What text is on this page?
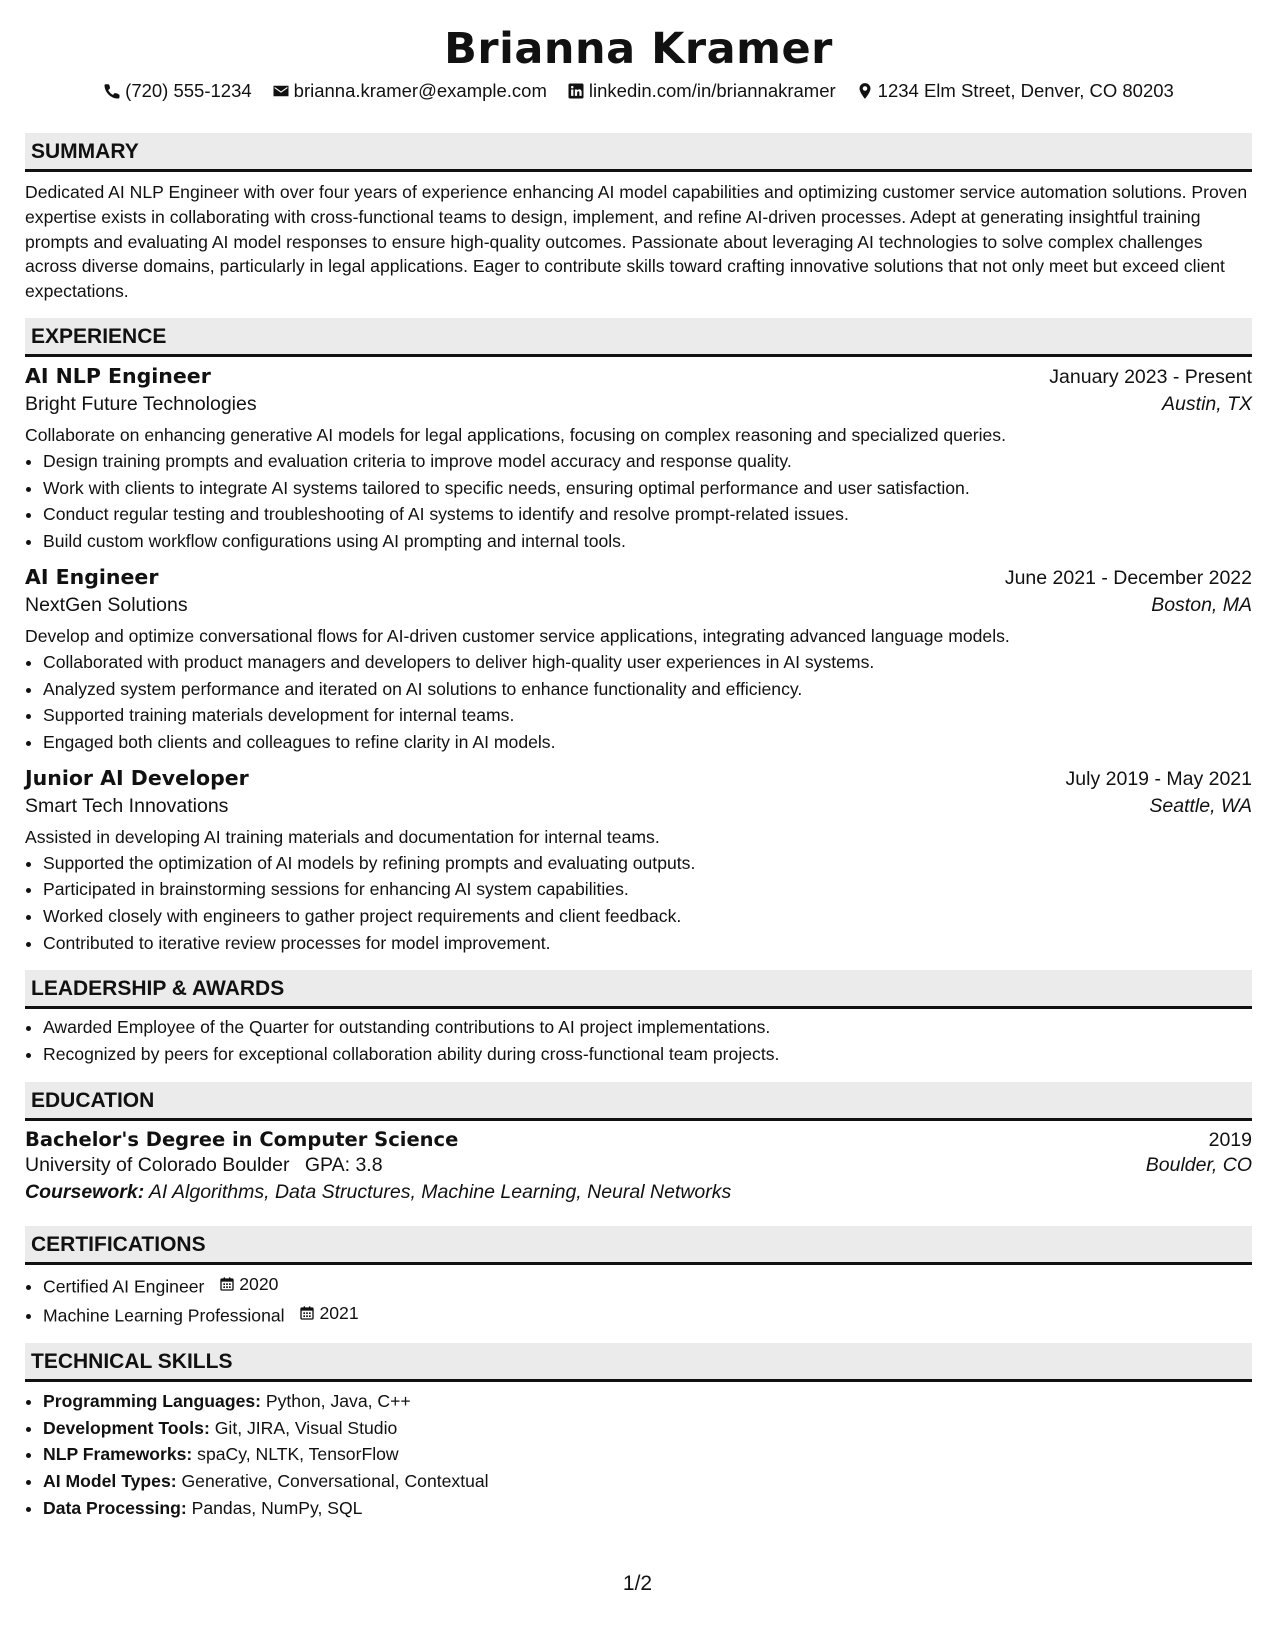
Brianna Kramer
(720) 555-1234 brianna.kramer@example.com linkedin.com/in/briannakramer 1234 Elm Street, Denver, CO 80203
SUMMARY

Dedicated AI NLP Engineer with over four years of experience enhancing AI model capabilities and optimizing customer service automation solutions. Proven expertise exists in collaborating with cross-functional teams to design, implement, and refine AI-driven processes. Adept at generating insightful training prompts and evaluating AI model responses to ensure high-quality outcomes. Passionate about leveraging AI technologies to solve complex challenges across diverse domains, particularly in legal applications. Eager to contribute skills toward crafting innovative solutions that not only meet but exceed client expectations.

EXPERIENCE
AI NLP Engineer	January 2023 - Present
Bright Future Technologies	Austin, TX
Collaborate on enhancing generative AI models for legal applications, focusing on complex reasoning and specialized queries.
• Design training prompts and evaluation criteria to improve model accuracy and response quality.
• Work with clients to integrate AI systems tailored to specific needs, ensuring optimal performance and user satisfaction.
• Conduct regular testing and troubleshooting of AI systems to identify and resolve prompt-related issues.
• Build custom workflow configurations using AI prompting and internal tools.
AI Engineer	June 2021 - December 2022
NextGen Solutions	Boston, MA
Develop and optimize conversational flows for AI-driven customer service applications, integrating advanced language models.
• Collaborated with product managers and developers to deliver high-quality user experiences in AI systems.
• Analyzed system performance and iterated on AI solutions to enhance functionality and efficiency.
• Supported training materials development for internal teams.
• Engaged both clients and colleagues to refine clarity in AI models.
Junior AI Developer	July 2019 - May 2021
Smart Tech Innovations	Seattle, WA
Assisted in developing AI training materials and documentation for internal teams.
• Supported the optimization of AI models by refining prompts and evaluating outputs.
• Participated in brainstorming sessions for enhancing AI system capabilities.
• Worked closely with engineers to gather project requirements and client feedback.
• Contributed to iterative review processes for model improvement.
LEADERSHIP & AWARDS
• Awarded Employee of the Quarter for outstanding contributions to AI project implementations.
• Recognized by peers for exceptional collaboration ability during cross-functional team projects.
EDUCATION
Bachelor's Degree in Computer Science	2019
University of Colorado Boulder GPA: 3.8	Boulder, CO
Coursework: AI Algorithms, Data Structures, Machine Learning, Neural Networks
CERTIFICATIONS
• Certified AI Engineer 2020
• Machine Learning Professional 2021
TECHNICAL SKILLS
• Programming Languages: Python, Java, C++
• Development Tools: Git, JIRA, Visual Studio
• NLP Frameworks: spaCy, NLTK, TensorFlow
• AI Model Types: Generative, Conversational, Contextual
• Data Processing: Pandas, NumPy, SQL
1/2
